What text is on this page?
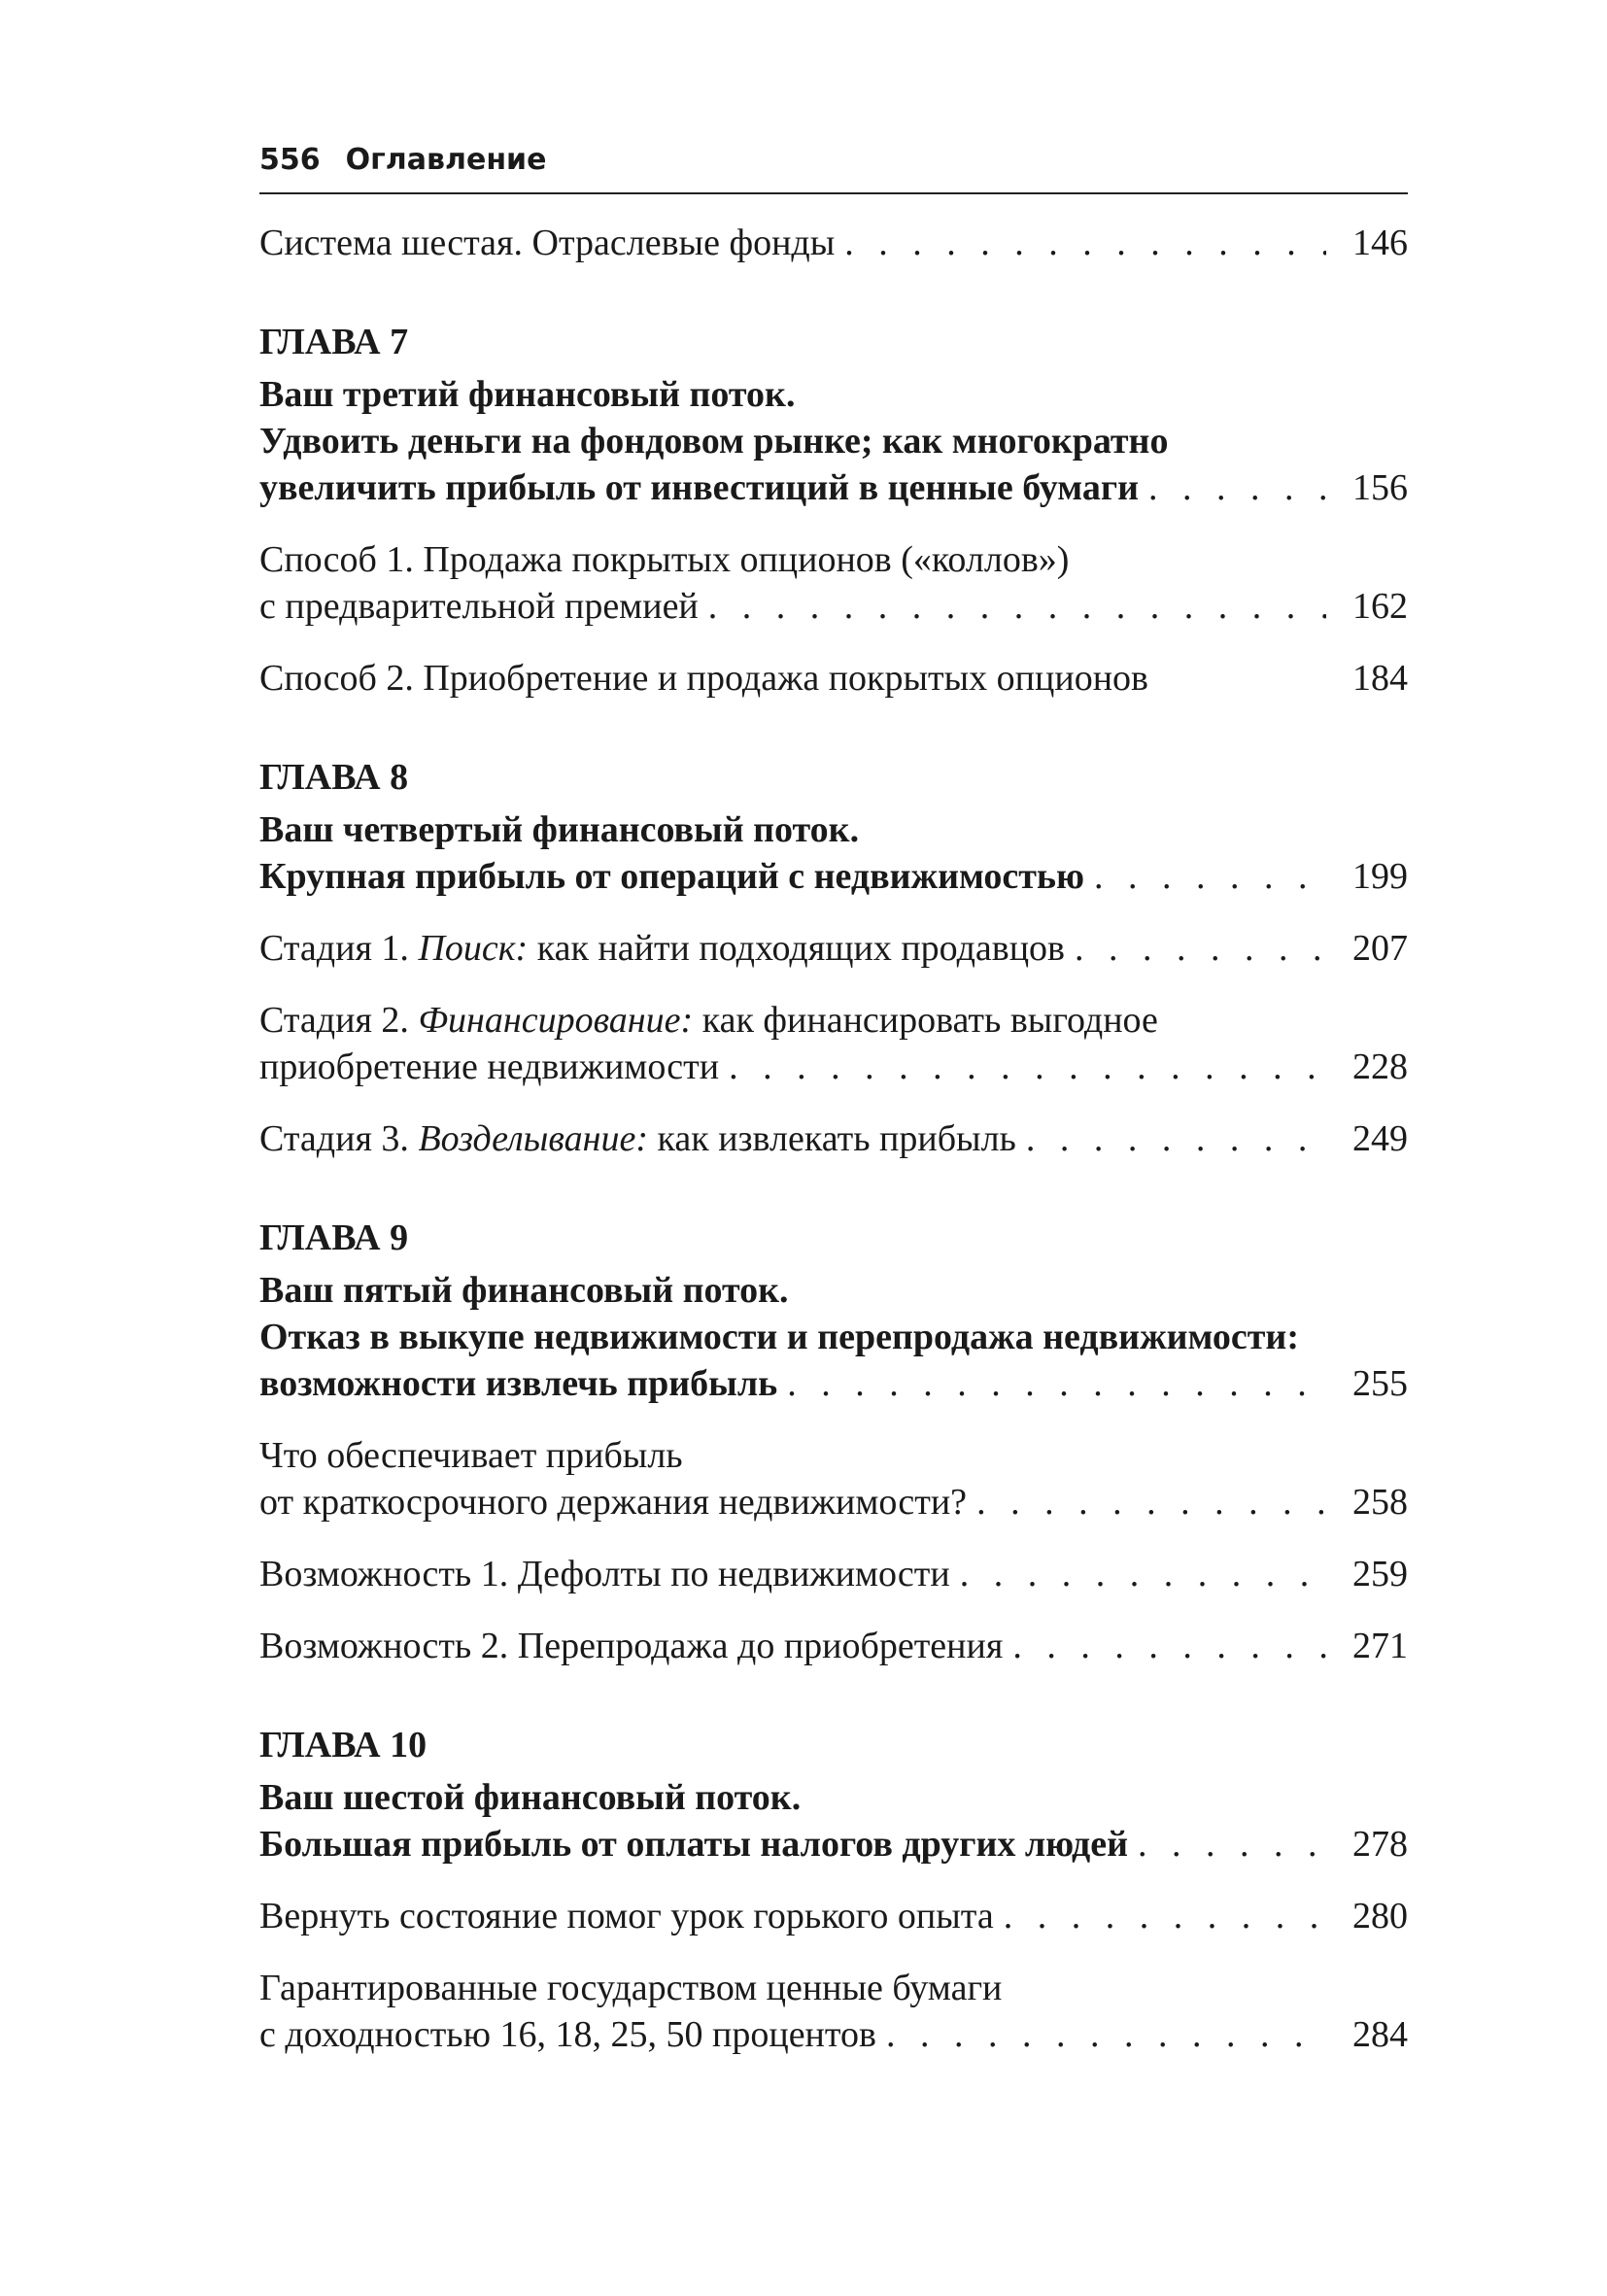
556 Оглавление
Система шестая. Отраслевые фонды . . .	146
ГЛАВА 7
Ваш третий финансовый поток.
Удвоить деньги на фондовом рынке; как многократно
увеличить прибыль от инвестиций в ценные бумаги . . .	156
Способ 1. Продажа покрытых опционов («коллов»)
с предварительной премией . . .	162
Способ 2. Приобретение и продажа покрытых опционов	184
ГЛАВА 8
Ваш четвертый финансовый поток.
Крупная прибыль от операций с недвижимостью . . .	199
Стадия 1. Поиск: как найти подходящих продавцов . . .	207
Стадия 2. Финансирование: как финансировать выгодное
приобретение недвижимости . . .	228
Стадия 3. Возделывание: как извлекать прибыль . . .	249
ГЛАВА 9
Ваш пятый финансовый поток.
Отказ в выкупе недвижимости и перепродажа недвижимости:
возможности извлечь прибыль . . .	255
Что обеспечивает прибыль
от краткосрочного держания недвижимости? . . .	258
Возможность 1. Дефолты по недвижимости . . .	259
Возможность 2. Перепродажа до приобретения . . .	271
ГЛАВА 10
Ваш шестой финансовый поток.
Большая прибыль от оплаты налогов других людей . . .	278
Вернуть состояние помог урок горького опыта . . .	280
Гарантированные государством ценные бумаги
с доходностью 16, 18, 25, 50 процентов . . .	284
